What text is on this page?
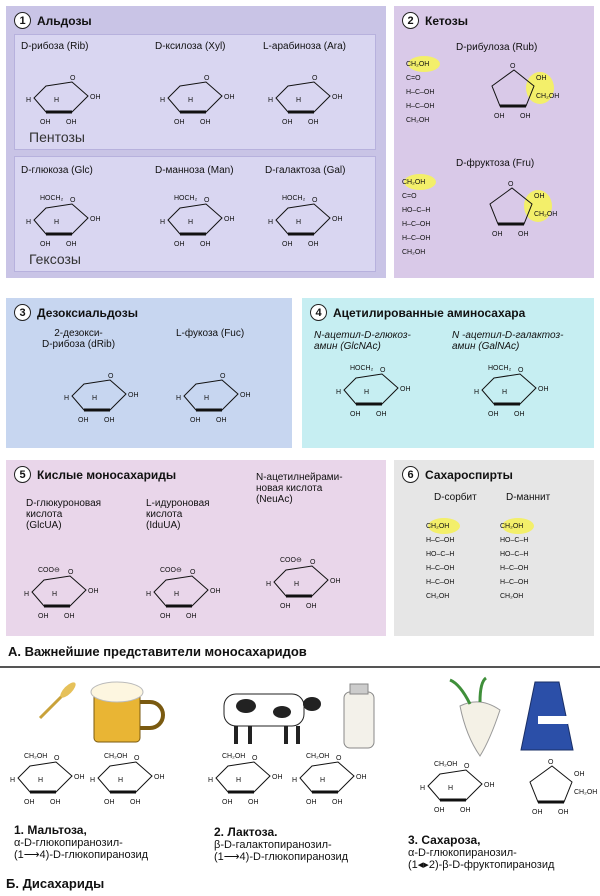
1 Альдозы
D-рибоза (Rib)	D-ксилоза (Xyl)	L-арабиноза (Ara)
Пентозы
D-глюкоза (Glc)	D-манноза (Man)	D-галактоза (Gal)
Гексозы
2 Кетозы
D-рибулоза (Rub)
D-фруктоза (Fru)
3 Дезоксиальдозы
2-дезокси-
D-рибоза (dRib)
L-фукоза (Fuc)
4 Ацетилированные аминосахара
N-ацетил-D-глюкоз-
амин (GlcNAc)
N -ацетил-D-галактоз-
амин (GalNAc)
5 Кислые моносахариды
D-глюкуроновая
кислота
(GlcUA)
L-идуроновая
кислота
(IduUA)
N-ацетилнейрами-
новая кислота
(NeuAc)
6 Сахароспирты
D-сорбит	D-маннит
O
OH
OH OH
H	H
O
OH
OH OH
H	H
O
OH
OH OH
H	H
O
OH
OH OH
H	H
HOCH₂	O
OH
OH OH
H	H
HOCH₂	O
OH
OH OH
H	H
HOCH₂
CH₂OH
C=O
H–C–OH
H–C–OH
CH₂OH
O
OH
CH₂OH
OH OH
CH₂OH
C=O
HO–C–H
H–C–OH
H–C–OH
CH₂OH
O
OH
CH₂OH
OH OH
O
OH
OH OH
H	H
O
OH
OH OH
H	H
O
OH
OH OH
H	H
HOCH₂	O
OH
OH OH
H	H
HOCH₂
O
OH
OH OH
H	H
COO⊖	O
OH
OH OH
H	H
COO⊖
O
OH
OH OH
H	H
COO⊖
CH₂OH
H–C–OH
HO–C–H
H–C–OH
H–C–OH
CH₂OH
CH₂OH
HO–C–H
HO–C–H
H–C–OH
H–C–OH
CH₂OH
O
OH
OH OH
H	H
CH₂OH	O
OH
OH OH
H	H
CH₂OH	O
OH
OH OH
H	H
CH₂OH	O
OH
OH OH
H	H
CH₂OH
O
OH
OH OH
H	H
CH₂OH	O
OH
CH₂OH
OH OH
А. Важнейшие представители моносахаридов
1. Мальтоза,
α-D-глюкопиранозил-
(1⟶4)-D-глюкопиранозид
2. Лактоза.
β-D-галактопиранозил-
(1⟶4)-D-глюкопиранозид
3. Сахароза,
α-D-глюкопиранозил-
(1◂▸2)-β-D-фруктопиранозид
Б. Дисахариды
